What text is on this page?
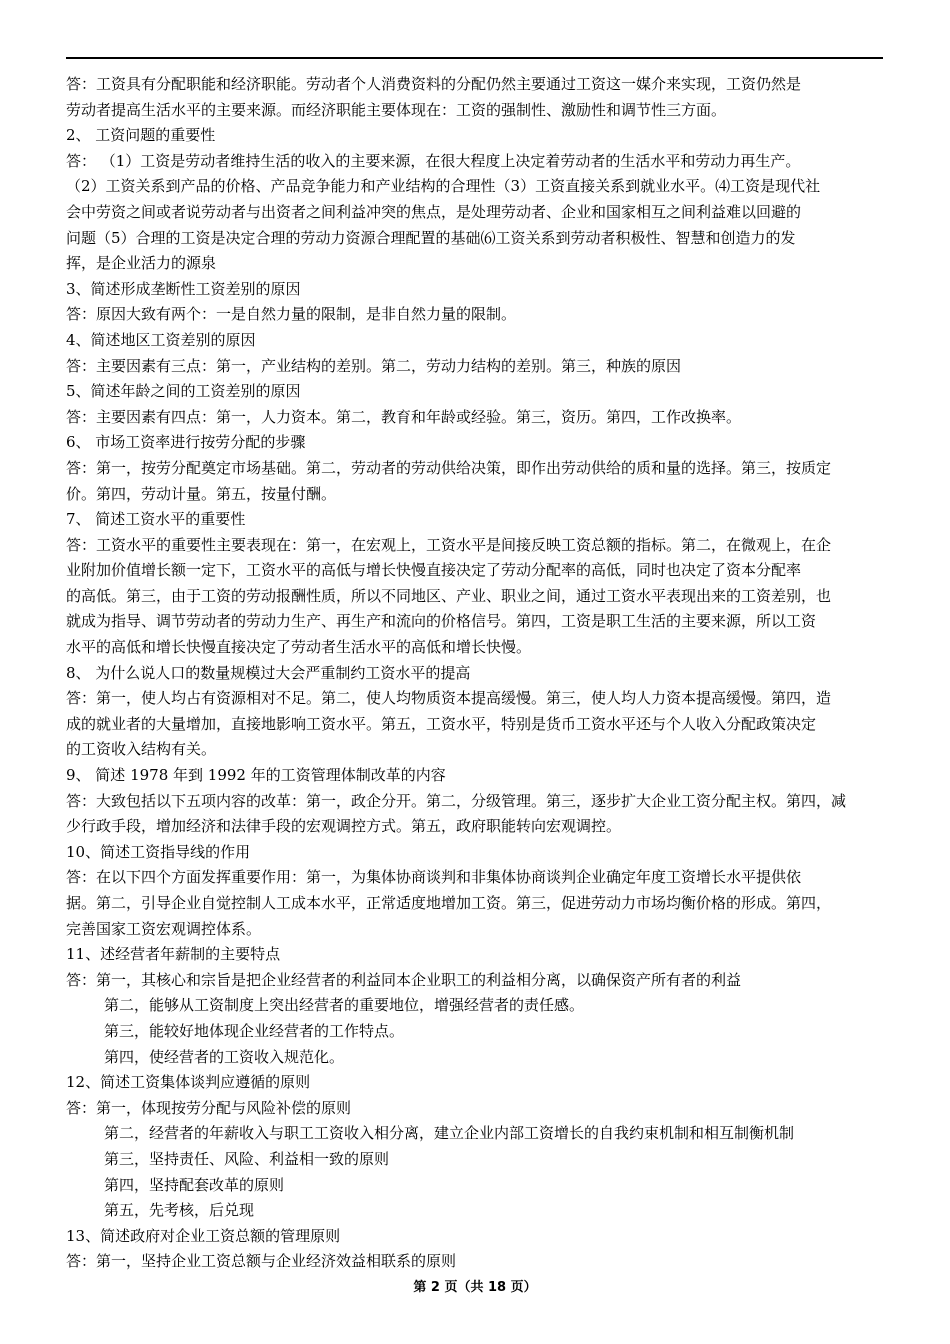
答：工资具有分配职能和经济职能。劳动者个人消费资料的分配仍然主要通过工资这一媒介来实现，工资仍然是
劳动者提高生活水平的主要来源。而经济职能主要体现在：工资的强制性、激励性和调节性三方面。
2、 工资问题的重要性
答： （1）工资是劳动者维持生活的收入的主要来源，在很大程度上决定着劳动者的生活水平和劳动力再生产。
（2）工资关系到产品的价格、产品竞争能力和产业结构的合理性（3）工资直接关系到就业水平。⑷工资是现代社
会中劳资之间或者说劳动者与出资者之间利益冲突的焦点，是处理劳动者、企业和国家相互之间利益难以回避的
问题（5）合理的工资是决定合理的劳动力资源合理配置的基础⑹工资关系到劳动者积极性、智慧和创造力的发
挥，是企业活力的源泉
3、简述形成垄断性工资差别的原因
答：原因大致有两个：一是自然力量的限制，是非自然力量的限制。
4、简述地区工资差别的原因
答：主要因素有三点：第一，产业结构的差别。第二，劳动力结构的差别。第三，种族的原因
5、简述年龄之间的工资差别的原因
答：主要因素有四点：第一，人力资本。第二，教育和年龄或经验。第三，资历。第四，工作改换率。
6、 市场工资率进行按劳分配的步骤
答：第一，按劳分配奠定市场基础。第二，劳动者的劳动供给决策，即作出劳动供给的质和量的选择。第三，按质定
价。第四，劳动计量。第五，按量付酬。
7、 简述工资水平的重要性
答：工资水平的重要性主要表现在：第一，在宏观上，工资水平是间接反映工资总额的指标。第二，在微观上，在企
业附加价值增长额一定下，工资水平的高低与增长快慢直接决定了劳动分配率的高低，同时也决定了资本分配率
的高低。第三，由于工资的劳动报酬性质，所以不同地区、产业、职业之间，通过工资水平表现出来的工资差别，也
就成为指导、调节劳动者的劳动力生产、再生产和流向的价格信号。第四，工资是职工生活的主要来源，所以工资
水平的高低和增长快慢直接决定了劳动者生活水平的高低和增长快慢。
8、 为什么说人口的数量规模过大会严重制约工资水平的提高
答：第一，使人均占有资源相对不足。第二，使人均物质资本提高缓慢。第三，使人均人力资本提高缓慢。第四，造
成的就业者的大量增加，直接地影响工资水平。第五，工资水平，特别是货币工资水平还与个人收入分配政策决定
的工资收入结构有关。
9、 简述 1978 年到 1992 年的工资管理体制改革的内容
答：大致包括以下五项内容的改革：第一，政企分开。第二，分级管理。第三，逐步扩大企业工资分配主权。第四，减
少行政手段，增加经济和法律手段的宏观调控方式。第五，政府职能转向宏观调控。
10、简述工资指导线的作用
答：在以下四个方面发挥重要作用：第一，为集体协商谈判和非集体协商谈判企业确定年度工资增长水平提供依
据。第二，引导企业自觉控制人工成本水平，正常适度地增加工资。第三，促进劳动力市场均衡价格的形成。第四，
完善国家工资宏观调控体系。
11、述经营者年薪制的主要特点
答：第一，其核心和宗旨是把企业经营者的利益同本企业职工的利益相分离，以确保资产所有者的利益
第二，能够从工资制度上突出经营者的重要地位，增强经营者的责任感。
第三，能较好地体现企业经营者的工作特点。
第四，使经营者的工资收入规范化。
12、简述工资集体谈判应遵循的原则
答：第一，体现按劳分配与风险补偿的原则
第二，经营者的年薪收入与职工工资收入相分离，建立企业内部工资增长的自我约束机制和相互制衡机制
第三，坚持责任、风险、利益相一致的原则
第四，坚持配套改革的原则
第五，先考核，后兑现
13、简述政府对企业工资总额的管理原则
答：第一，坚持企业工资总额与企业经济效益相联系的原则
第 2 页（共 18 页）
